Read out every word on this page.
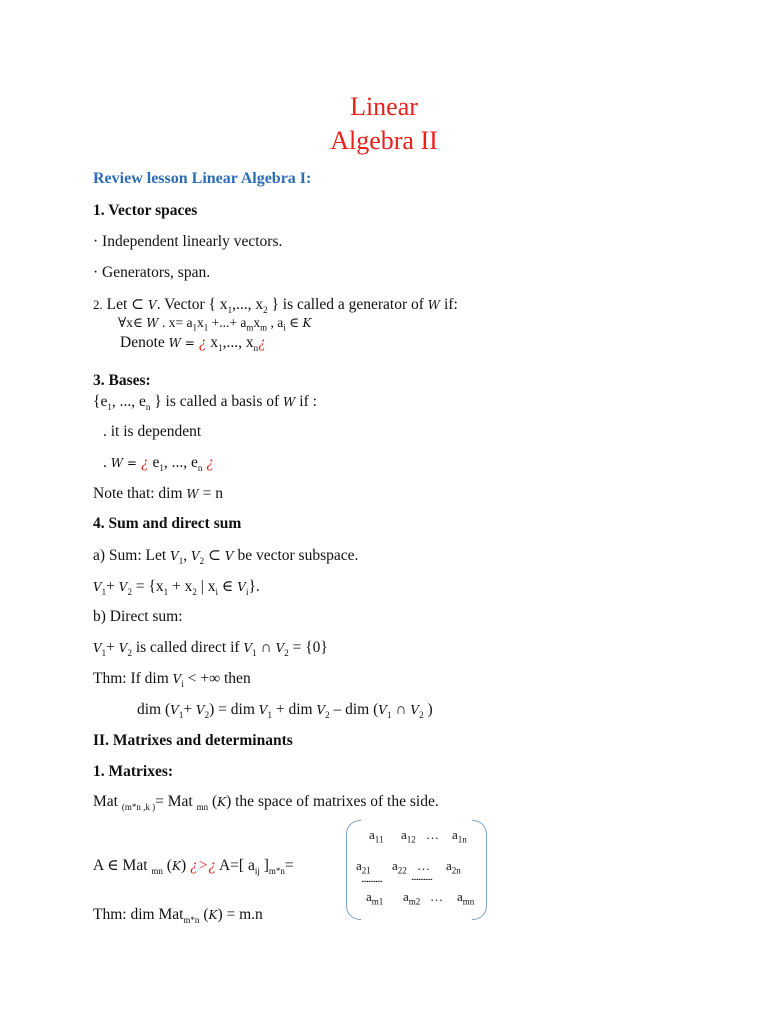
Linear
Algebra II
Review lesson Linear Algebra I:
1. Vector spaces
· Independent linearly vectors.
· Generators, span.
2. Let ⊂ V. Vector { $x_1$,..., $x_2$ } is called a generator of W if:
∀x∈ W . $x= a_1x_1$ +...+ $a_mx_m$ , $a_i$ ∈ K
Denote W = ¿ $x_1$,..., $x_n¿$
3. Bases:
{$e_1$, ..., $e_n$ } is called a basis of W if :
. it is dependent
. W = ¿ $e_1$, ..., $e_n$ ¿
Note that: dim W = n
4. Sum and direct sum
a) Sum: Let $V_1$, $V_2$ ⊂ V be vector subspace.
$V_1+ V_2 = \{x_1 + x_2$ | $x_i$ ∈ $V_i$}.
b) Direct sum:
$V_1+ V_2$ is called direct if $V_1$ ∩ $V_2 = \{0\}$
Thm: If dim $V_i$ < +∞ then
dim $(V_1+ V_2)$ = dim $V_1$ + dim $V_2$ – dim ($V_1$ ∩ $V_2$ )
II. Matrixes and determinants
1. Matrixes:
Mat $_{(m*n ,k )}$= Mat $_{mn}$ (K) the space of matrixes of the side.
A ∈ Mat $_{mn}$ (K) ¿>¿ A=[ $a_{ij}$ ]$_{m*n}=$
Thm: dim Mat$_{m*n}$ (K) = m.n
$a_{11}$ $a_{12}$ … $a_{1n}$
$a_{21}$ $a_{22}$ … $a_{2n}$
............	............
$a_{m1}$ $a_{m2}$ … $a_{mn}$
